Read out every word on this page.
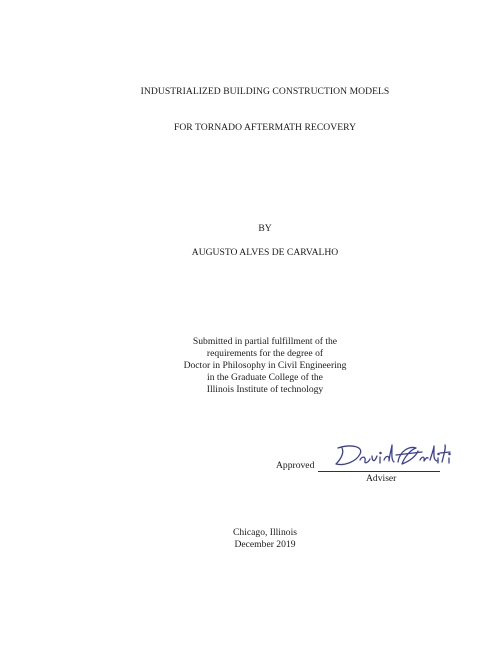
INDUSTRIALIZED BUILDING CONSTRUCTION MODELS
FOR TORNADO AFTERMATH RECOVERY
BY
AUGUSTO ALVES DE CARVALHO
Submitted in partial fulfillment of the
requirements for the degree of
Doctor in Philosophy in Civil Engineering
in the Graduate College of the
Illinois Institute of technology
Approved
Adviser
Chicago, Illinois
December 2019
